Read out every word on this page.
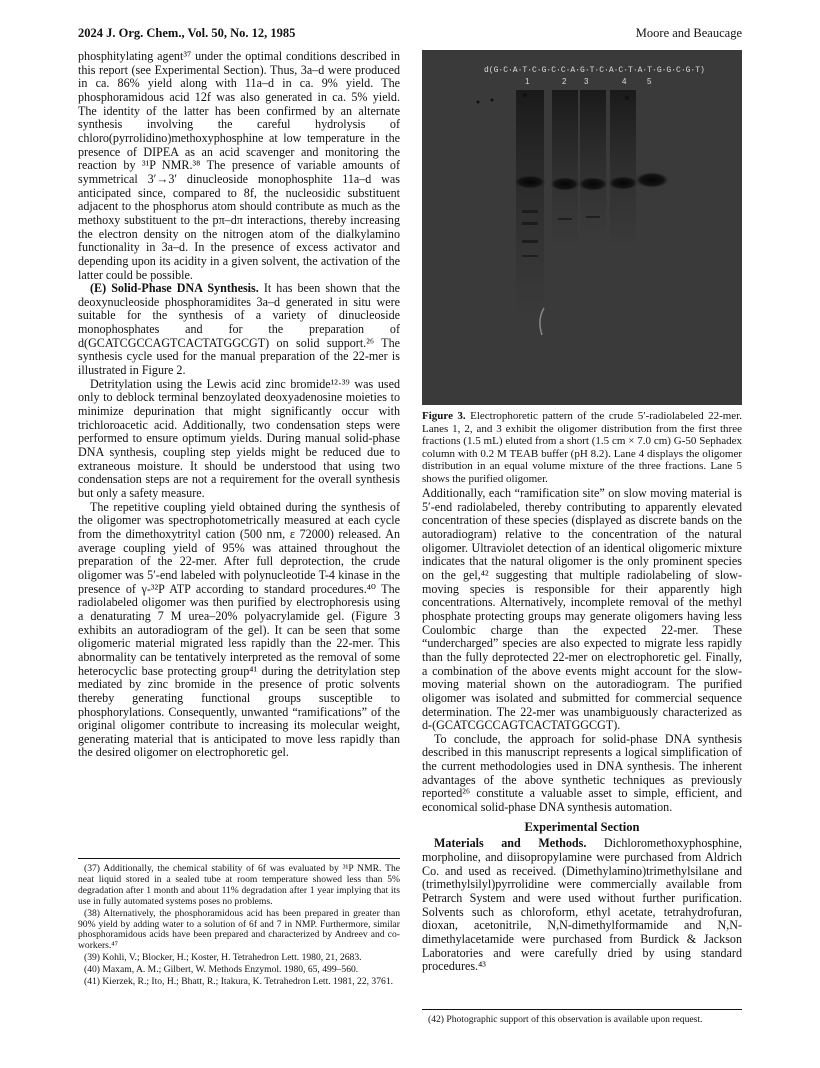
2024 J. Org. Chem., Vol. 50, No. 12, 1985	Moore and Beaucage

phosphitylating agent³⁷ under the optimal conditions described in this report (see Experimental Section). Thus, 3a–d were produced in ca. 86% yield along with 11a–d in ca. 9% yield. The phosphoramidous acid 12f was also generated in ca. 5% yield. The identity of the latter has been confirmed by an alternate synthesis involving the careful hydrolysis of chloro(pyrrolidino)methoxyphosphine at low temperature in the presence of DIPEA as an acid scavenger and monitoring the reaction by ³¹P NMR.³⁸ The presence of variable amounts of symmetrical 3′→3′ dinucleoside monophosphite 11a–d was anticipated since, compared to 8f, the nucleosidic substituent adjacent to the phosphorus atom should contribute as much as the methoxy substituent to the pπ–dπ interactions, thereby increasing the electron density on the nitrogen atom of the dialkylamino functionality in 3a–d. In the presence of excess activator and depending upon its acidity in a given solvent, the activation of the latter could be possible.

(E) Solid-Phase DNA Synthesis. It has been shown that the deoxynucleoside phosphoramidites 3a–d generated in situ were suitable for the synthesis of a variety of dinucleoside monophosphates and for the preparation of d(GCATCGCCAGTCACTATGGCGT) on solid support.²⁶ The synthesis cycle used for the manual preparation of the 22-mer is illustrated in Figure 2.

Detritylation using the Lewis acid zinc bromide¹²·³⁹ was used only to deblock terminal benzoylated deoxyadenosine moieties to minimize depurination that might significantly occur with trichloroacetic acid. Additionally, two condensation steps were performed to ensure optimum yields. During manual solid-phase DNA synthesis, coupling step yields might be reduced due to extraneous moisture. It should be understood that using two condensation steps are not a requirement for the overall synthesis but only a safety measure.

The repetitive coupling yield obtained during the synthesis of the oligomer was spectrophotometrically measured at each cycle from the dimethoxytrityl cation (500 nm, ε 72000) released. An average coupling yield of 95% was attained throughout the preparation of the 22-mer. After full deprotection, the crude oligomer was 5′-end labeled with polynucleotide T-4 kinase in the presence of γ-³²P ATP according to standard procedures.⁴⁰ The radiolabeled oligomer was then purified by electrophoresis using a denaturating 7 M urea–20% polyacrylamide gel. (Figure 3 exhibits an autoradiogram of the gel). It can be seen that some oligomeric material migrated less rapidly than the 22-mer. This abnormality can be tentatively interpreted as the removal of some heterocyclic base protecting group⁴¹ during the detritylation step mediated by zinc bromide in the presence of protic solvents thereby generating functional groups susceptible to phosphorylations. Consequently, unwanted “ramifications” of the original oligomer contribute to increasing its molecular weight, generating material that is anticipated to move less rapidly than the desired oligomer on electrophoretic gel.

d(G·C·A·T·C·G·C·C·A·G·T·C·A·C·T·A·T·G·G·C·G·T)
1	2 3	4	5
Figure 3. Electrophoretic pattern of the crude 5′-radiolabeled 22-mer. Lanes 1, 2, and 3 exhibit the oligomer distribution from the first three fractions (1.5 mL) eluted from a short (1.5 cm × 7.0 cm) G-50 Sephadex column with 0.2 M TEAB buffer (pH 8.2). Lane 4 displays the oligomer distribution in an equal volume mixture of the three fractions. Lane 5 shows the purified oligomer.

Additionally, each “ramification site” on slow moving material is 5′-end radiolabeled, thereby contributing to apparently elevated concentration of these species (displayed as discrete bands on the autoradiogram) relative to the concentration of the natural oligomer. Ultraviolet detection of an identical oligomeric mixture indicates that the natural oligomer is the only prominent species on the gel,⁴² suggesting that multiple radiolabeling of slow-moving species is responsible for their apparently high concentrations. Alternatively, incomplete removal of the methyl phosphate protecting groups may generate oligomers having less Coulombic charge than the expected 22-mer. These “undercharged” species are also expected to migrate less rapidly than the fully deprotected 22-mer on electrophoretic gel. Finally, a combination of the above events might account for the slow-moving material shown on the autoradiogram. The purified oligomer was isolated and submitted for commercial sequence determination. The 22-mer was unambiguously characterized as d-(GCATCGCCAGTCACTATGGCGT).

To conclude, the approach for solid-phase DNA synthesis described in this manuscript represents a logical simplification of the current methodologies used in DNA synthesis. The inherent advantages of the above synthetic techniques as previously reported²⁶ constitute a valuable asset to simple, efficient, and economical solid-phase DNA synthesis automation.

Experimental Section

Materials and Methods. Dichloromethoxyphosphine, morpholine, and diisopropylamine were purchased from Aldrich Co. and used as received. (Dimethylamino)trimethylsilane and (trimethylsilyl)pyrrolidine were commercially available from Petrarch System and were used without further purification. Solvents such as chloroform, ethyl acetate, tetrahydrofuran, dioxan, acetonitrile, N,N-dimethylformamide and N,N-dimethylacetamide were purchased from Burdick & Jackson Laboratories and were carefully dried by using standard procedures.⁴³

(37) Additionally, the chemical stability of 6f was evaluated by ³¹P NMR. The neat liquid stored in a sealed tube at room temperature showed less than 5% degradation after 1 month and about 11% degradation after 1 year implying that its use in fully automated systems poses no problems.

(38) Alternatively, the phosphoramidous acid has been prepared in greater than 90% yield by adding water to a solution of 6f and 7 in NMP. Furthermore, similar phosphoramidous acids have been prepared and characterized by Andreev and co-workers.⁴⁷

(39) Kohli, V.; Blocker, H.; Koster, H. Tetrahedron Lett. 1980, 21, 2683.

(40) Maxam, A. M.; Gilbert, W. Methods Enzymol. 1980, 65, 499–560.

(41) Kierzek, R.; Ito, H.; Bhatt, R.; Itakura, K. Tetrahedron Lett. 1981, 22, 3761.

(42) Photographic support of this observation is available upon request.
